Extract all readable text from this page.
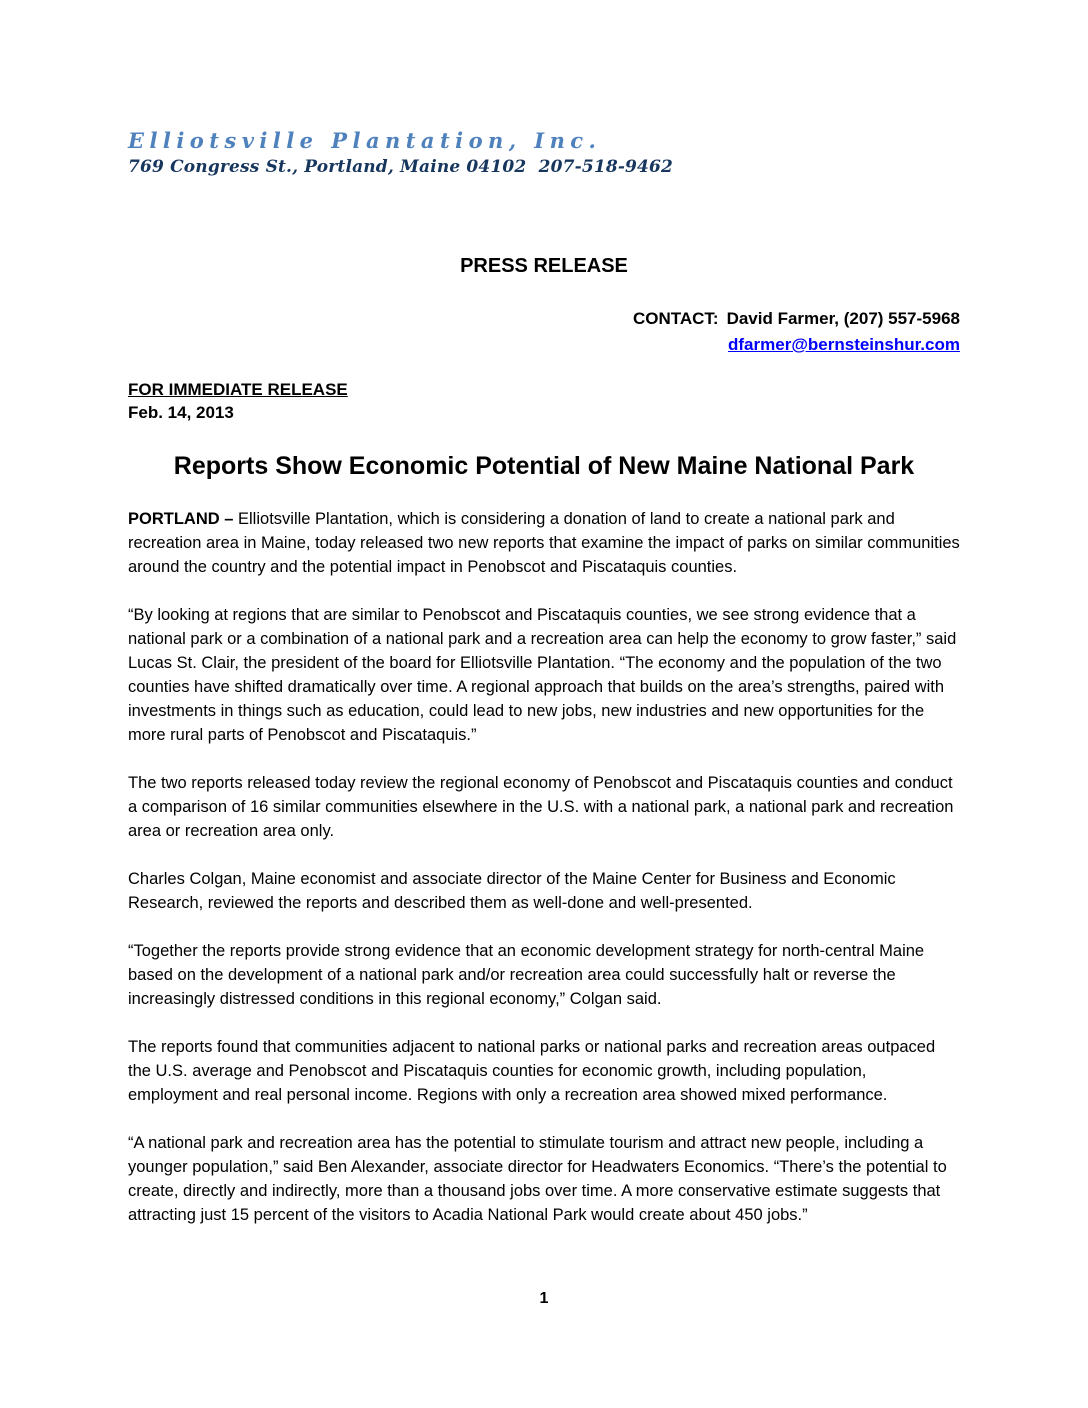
Elliotsville Plantation, Inc.
769 Congress St., Portland, Maine 04102  207-518-9462
PRESS RELEASE
CONTACT: David Farmer, (207) 557-5968
dfarmer@bernsteinshur.com
FOR IMMEDIATE RELEASE
Feb. 14, 2013
Reports Show Economic Potential of New Maine National Park

PORTLAND – Elliotsville Plantation, which is considering a donation of land to create a national park and recreation area in Maine, today released two new reports that examine the impact of parks on similar communities around the country and the potential impact in Penobscot and Piscataquis counties.

“By looking at regions that are similar to Penobscot and Piscataquis counties, we see strong evidence that a national park or a combination of a national park and a recreation area can help the economy to grow faster,” said Lucas St. Clair, the president of the board for Elliotsville Plantation. “The economy and the population of the two counties have shifted dramatically over time. A regional approach that builds on the area’s strengths, paired with investments in things such as education, could lead to new jobs, new industries and new opportunities for the more rural parts of Penobscot and Piscataquis.”

The two reports released today review the regional economy of Penobscot and Piscataquis counties and conduct a comparison of 16 similar communities elsewhere in the U.S. with a national park, a national park and recreation area or recreation area only.

Charles Colgan, Maine economist and associate director of the Maine Center for Business and Economic Research, reviewed the reports and described them as well-done and well-presented.

“Together the reports provide strong evidence that an economic development strategy for north-central Maine based on the development of a national park and/or recreation area could successfully halt or reverse the increasingly distressed conditions in this regional economy,” Colgan said.

The reports found that communities adjacent to national parks or national parks and recreation areas outpaced the U.S. average and Penobscot and Piscataquis counties for economic growth, including population, employment and real personal income. Regions with only a recreation area showed mixed performance.

“A national park and recreation area has the potential to stimulate tourism and attract new people, including a younger population,” said Ben Alexander, associate director for Headwaters Economics. “There’s the potential to create, directly and indirectly, more than a thousand jobs over time. A more conservative estimate suggests that attracting just 15 percent of the visitors to Acadia National Park would create about 450 jobs.”

1
